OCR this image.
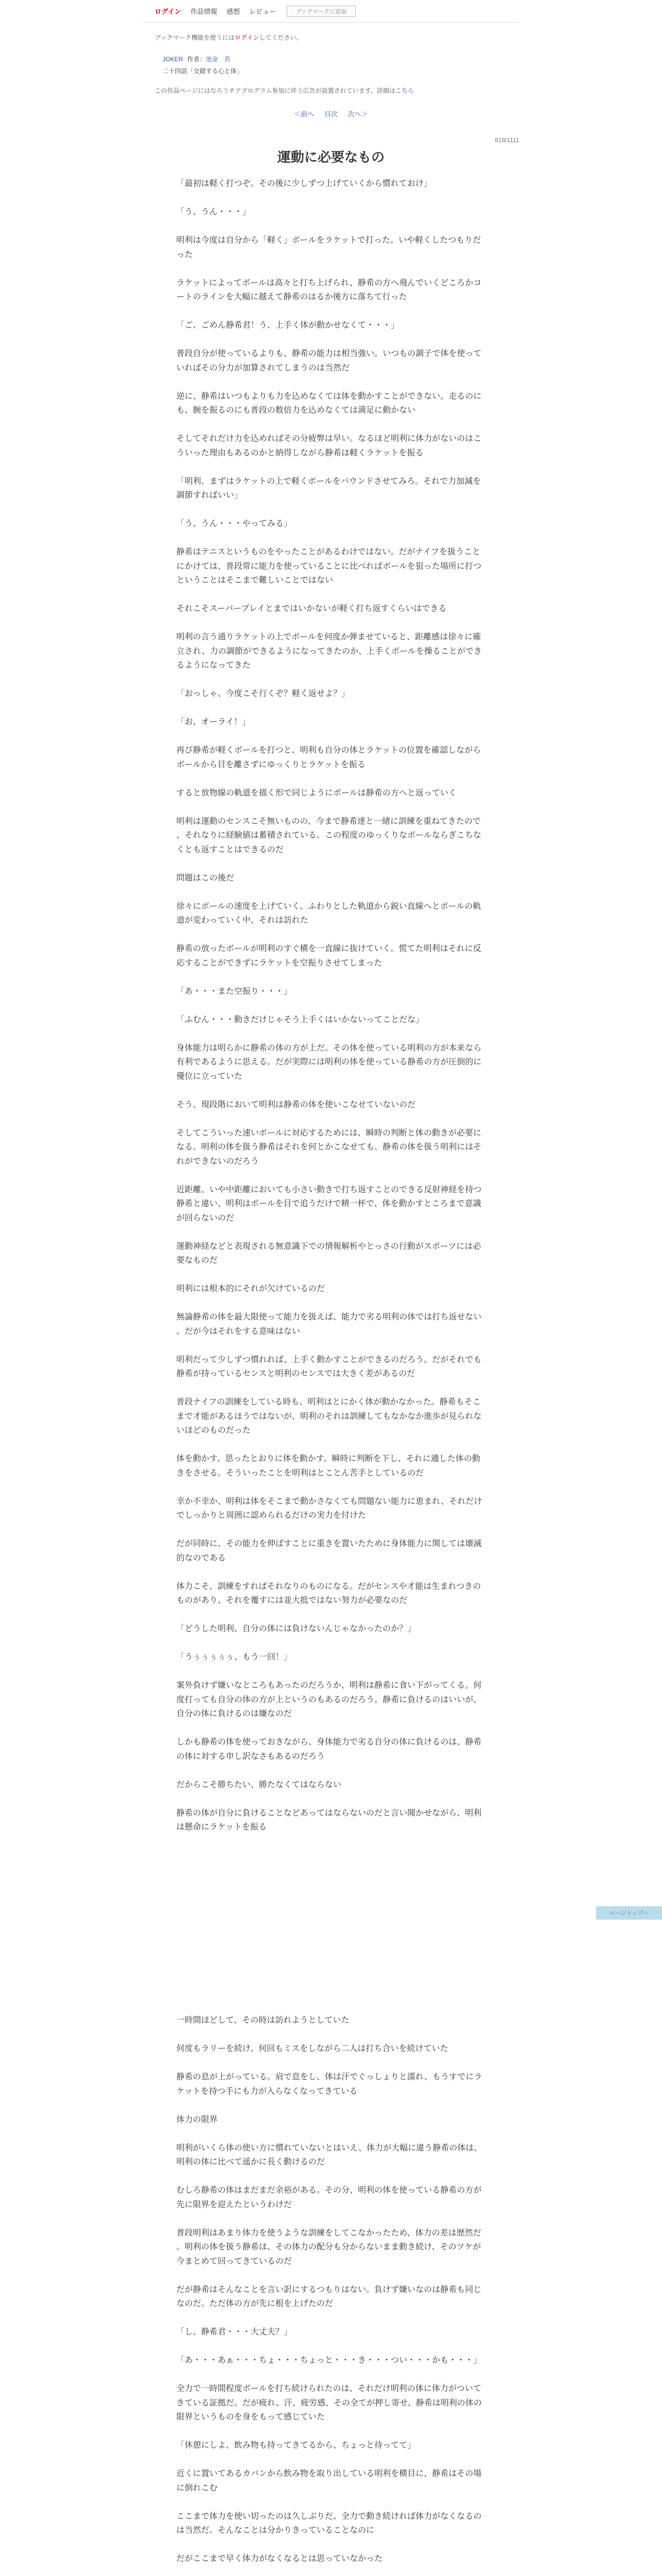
ログイン 作品情報 感想 レビュー	ブックマークに追加
ブックマーク機能を使うにはログインしてください。
JOKER 作者：池金　苔
二十四話「交錯する心と体」
この作品ページにはなろうチアプログラム参加に伴う広告が設置されています。詳細はこちら
＜前へ 目次 次へ＞
818/1111
運動に必要なもの

「最初は軽く打つぞ。その後に少しずつ上げていくから慣れておけ」

「う、うん・・・」

明利は今度は自分から「軽く」ボールをラケットで打った。いや軽くしたつもりだった

ラケットによってボールは高々と打ち上げられ、静希の方へ飛んでいくどころかコートのラインを大幅に越えて静希のはるか後方に落ちて行った

「ご、ごめん静希君！う、上手く体が動かせなくて・・・」

普段自分が使っているよりも、静希の能力は相当強い。いつもの調子で体を使っていればその分力が加算されてしまうのは当然だ

逆に、静希はいつもよりも力を込めなくては体を動かすことができない。走るのにも、腕を振るのにも普段の数倍力を込めなくては満足に動かない

そしてそれだけ力を込めればその分疲弊は早い。なるほど明利に体力がないのはこういった理由もあるのかと納得しながら静希は軽くラケットを振る

「明利、まずはラケットの上で軽くボールをバウンドさせてみろ。それで力加減を調節すればいい」

「う、うん・・・やってみる」

静希はテニスというものをやったことがあるわけではない。だがナイフを扱うことにかけては、普段常に能力を使っていることに比べればボールを狙った場所に打つということはそこまで難しいことではない

それこそスーパープレイとまではいかないが軽く打ち返すくらいはできる

明利の言う通りラケットの上でボールを何度か弾ませていると、距離感は徐々に確立され、力の調節ができるようになってきたのか、上手くボールを操ることができるようになってきた

「おっしゃ、今度こそ行くぞ？軽く返せよ？」

「お、オーライ！」

再び静希が軽くボールを打つと、明利も自分の体とラケットの位置を確認しながらボールから目を離さずにゆっくりとラケットを振る

すると放物線の軌道を描く形で同じようにボールは静希の方へと返っていく

明利は運動のセンスこそ無いものの、今まで静希達と一緒に訓練を重ねてきたので、それなりに経験値は蓄積されている。この程度のゆっくりなボールならぎこちなくとも返すことはできるのだ

問題はこの後だ

徐々にボールの速度を上げていく。ふわりとした軌道から鋭い直線へとボールの軌道が変わっていく中、それは訪れた

静希の放ったボールが明利のすぐ横を一直線に抜けていく。慌てた明利はそれに反応することができずにラケットを空振りさせてしまった

「あ・・・また空振り・・・」

「ふむん・・・動きだけじゃそう上手くはいかないってことだな」

身体能力は明らかに静希の体の方が上だ。その体を使っている明利の方が本来なら有利であるように思える。だが実際には明利の体を使っている静希の方が圧倒的に優位に立っていた

そう、現段階において明利は静希の体を使いこなせていないのだ

そしてこういった速いボールに対応するためには、瞬時の判断と体の動きが必要になる。明利の体を扱う静希はそれを何とかこなせても、静希の体を扱う明利にはそれができないのだろう

近距離、いや中距離においても小さい動きで打ち返すことのできる反射神経を持つ静希と違い、明利はボールを目で追うだけで精一杯で、体を動かすところまで意識が回らないのだ

運動神経などと表現される無意識下での情報解析やとっさの行動がスポーツには必要なものだ

明利には根本的にそれが欠けているのだ

無論静希の体を最大限使って能力を扱えば、能力で劣る明利の体では打ち返せない。だが今はそれをする意味はない

明利だって少しずつ慣れれば、上手く動かすことができるのだろう。だがそれでも静希が持っているセンスと明利のセンスでは大きく差があるのだ

普段ナイフの訓練をしている時も、明利はとにかく体が動かなかった。静希もそこまで才能があるほうではないが、明利のそれは訓練してもなかなか進歩が見られないほどのものだった

体を動かす、思ったとおりに体を動かす。瞬時に判断を下し、それに適した体の動きをさせる。そういったことを明利はとことん苦手としているのだ

幸か不幸か、明利は体をそこまで動かさなくても問題ない能力に恵まれ、それだけでしっかりと周囲に認められるだけの実力を付けた

だが同時に、その能力を伸ばすことに重きを置いたために身体能力に関しては壊滅的なのである

体力こそ、訓練をすればそれなりのものになる。だがセンスや才能は生まれつきのものがあり、それを覆すには並大抵ではない努力が必要なのだ

「どうした明利、自分の体には負けないんじゃなかったのか？」

「うぅぅぅぅぅ、もう一回！」

案外負けず嫌いなところもあったのだろうか、明利は静希に食い下がってくる。何度打っても自分の体の方が上というのもあるのだろう。静希に負けるのはいいが、自分の体に負けるのは嫌なのだ

しかも静希の体を使っておきながら、身体能力で劣る自分の体に負けるのは、静希の体に対する申し訳なさもあるのだろう

だからこそ勝ちたい、勝たなくてはならない

静希の体が自分に負けることなどあってはならないのだと言い聞かせながら、明利は懸命にラケットを振る

一時間ほどして、その時は訪れようとしていた

何度もラリーを続け、何回もミスをしながら二人は打ち合いを続けていた

静希の息が上がっている。肩で息をし、体は汗でぐっしょりと濡れ、もうすでにラケットを持つ手にも力が入らなくなってきている

体力の限界

明利がいくら体の使い方に慣れていないとはいえ、体力が大幅に違う静希の体は、明利の体に比べて遥かに長く動けるのだ

むしろ静希の体はまだまだ余裕がある。その分、明利の体を使っている静希の方が先に限界を迎えたというわけだ

普段明利はあまり体力を使うような訓練をしてこなかったため、体力の差は歴然だ。明利の体を扱う静希は、その体力の配分も分からないまま動き続け、そのツケが今まとめて回ってきているのだ

だが静希はそんなことを言い訳にするつもりはない。負けず嫌いなのは静希も同じなのだ。ただ体の方が先に根を上げたのだ

「し、静希君・・・大丈夫？」

「あ・・・あぁ・・・ちょ・・・ちょっと・・・き・・・つい・・・かも・・・」

全力で一時間程度ボールを打ち続けられたのは、それだけ明利の体に体力がついてきている証拠だ。だが疲れ、汗、疲労感、その全てが押し寄せ、静希は明利の体の限界というものを身をもって感じていた

「休憩にしよ、飲み物も持ってきてるから、ちょっと待ってて」

近くに置いてあるカバンから飲み物を取り出している明利を横目に、静希はその場に倒れこむ

ここまで体力を使い切ったのは久しぶりだ。全力で動き続ければ体力がなくなるのは当然だ。そんなことは分かりきっていることなのに

だがここまで早く体力がなくなるとは思っていなかった

ページトップへ
